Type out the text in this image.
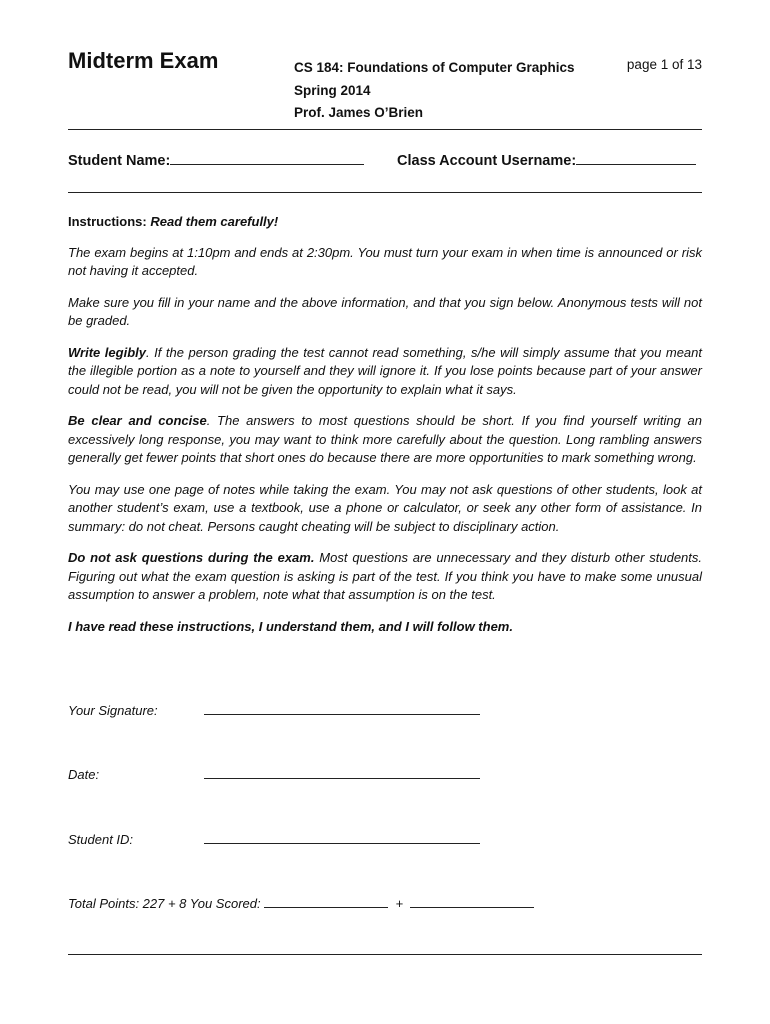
Midterm Exam	CS 184: Foundations of Computer Graphics
Spring 2014
Prof. James O’Brien
page 1 of 13
Student Name:	Class Account Username:

Instructions: Read them carefully!

The exam begins at 1:10pm and ends at 2:30pm. You must turn your exam in when time is announced or risk not having it accepted.

Make sure you fill in your name and the above information, and that you sign below. Anonymous tests will not be graded.

Write legibly. If the person grading the test cannot read something, s/he will simply assume that you meant the illegible portion as a note to yourself and they will ignore it. If you lose points because part of your answer could not be read, you will not be given the opportunity to explain what it says.

Be clear and concise. The answers to most questions should be short. If you find yourself writing an excessively long response, you may want to think more carefully about the question. Long rambling answers generally get fewer points that short ones do because there are more opportunities to mark something wrong.

You may use one page of notes while taking the exam. You may not ask questions of other students, look at another student’s exam, use a textbook, use a phone or calculator, or seek any other form of assistance. In summary: do not cheat. Persons caught cheating will be subject to disciplinary action.

Do not ask questions during the exam. Most questions are unnecessary and they disturb other students. Figuring out what the exam question is asking is part of the test. If you think you have to make some unusual assumption to answer a problem, note what that assumption is on the test.

I have read these instructions, I understand them, and I will follow them.

Your Signature:
Date:
Student ID:
Total Points: 227 + 8 You Scored:	+
